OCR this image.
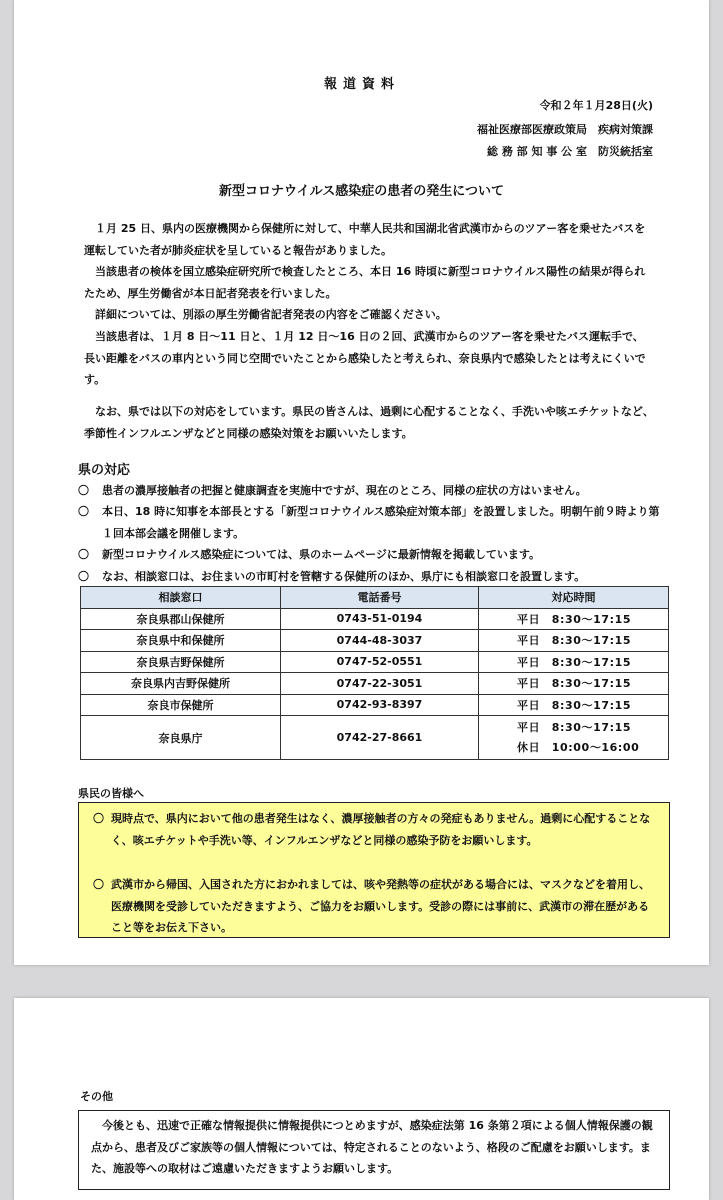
報道資料
令和２年１月28日(火)
福祉医療部医療政策局　疾病対策課
総 務 部 知 事 公 室　防災統括室
新型コロナウイルス感染症の患者の発生について
１月 25 日、県内の医療機関から保健所に対して、中華人民共和国湖北省武漢市からのツアー客を乗せたバスを運転していた者が肺炎症状を呈していると報告がありました。
当該患者の検体を国立感染症研究所で検査したところ、本日 16 時頃に新型コロナウイルス陽性の結果が得られたため、厚生労働省が本日記者発表を行いました。
詳細については、別添の厚生労働省記者発表の内容をご確認ください。
当該患者は、１月 8 日～11 日と、１月 12 日～16 日の２回、武漢市からのツアー客を乗せたバス運転手で、長い距離をバスの車内という同じ空間でいたことから感染したと考えられ、奈良県内で感染したとは考えにくいです。
なお、県では以下の対応をしています。県民の皆さんは、過剰に心配することなく、手洗いや咳エチケットなど、季節性インフルエンザなどと同様の感染対策をお願いいたします。
県の対応
〇	患者の濃厚接触者の把握と健康調査を実施中ですが、現在のところ、同様の症状の方はいません。
〇	本日、18 時に知事を本部長とする「新型コロナウイルス感染症対策本部」を設置しました。明朝午前９時より第１回本部会議を開催します。
〇	新型コロナウイルス感染症については、県のホームページに最新情報を掲載しています。
〇	なお、相談窓口は、お住まいの市町村を管轄する保健所のほか、県庁にも相談窓口を設置します。
相談窓口	電話番号	対応時間
奈良県郡山保健所	0743-51-0194	平日　8:30～17:15
奈良県中和保健所	0744-48-3037	平日　8:30～17:15
奈良県吉野保健所	0747-52-0551	平日　8:30～17:15
奈良県内吉野保健所	0747-22-3051	平日　8:30～17:15
奈良市保健所	0742-93-8397	平日　8:30～17:15
奈良県庁	0742-27-8661	平日　8:30～17:15
休日　10:00～16:00
県民の皆様へ
〇 現時点で、県内において他の患者発生はなく、濃厚接触者の方々の発症もありません。過剰に心配することなく、咳エチケットや手洗い等、インフルエンザなどと同様の感染予防をお願いします。
〇 武漢市から帰国、入国された方におかれましては、咳や発熱等の症状がある場合には、マスクなどを着用し、医療機関を受診していただきますよう、ご協力をお願いします。受診の際には事前に、武漢市の滞在歴があること等をお伝え下さい。
その他
今後とも、迅速で正確な情報提供に情報提供につとめますが、感染症法第 16 条第２項による個人情報保護の観点から、患者及びご家族等の個人情報については、特定されることのないよう、格段のご配慮をお願いします。また、施設等への取材はご遠慮いただきますようお願いします。
